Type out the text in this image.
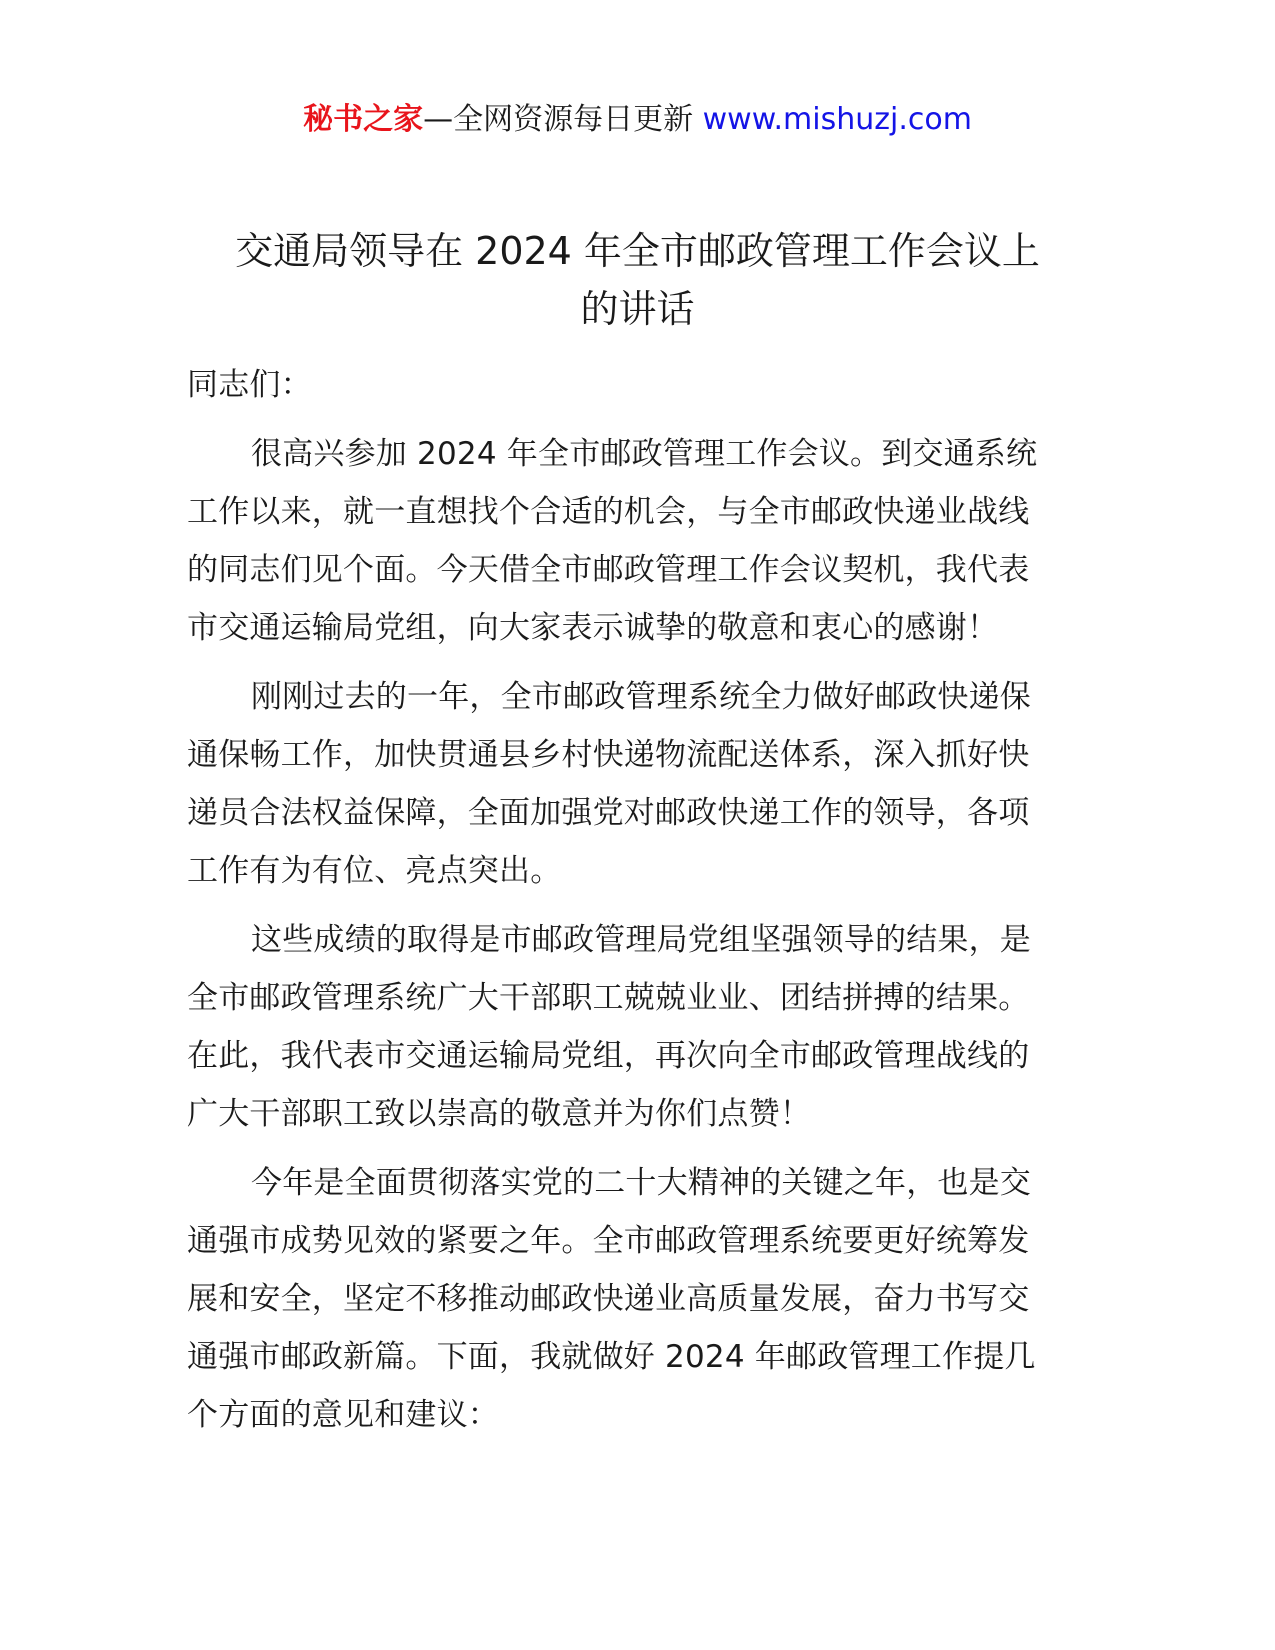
秘书之家—全网资源每日更新 www.mishuzj.com
交通局领导在 2024 年全市邮政管理工作会议上
的讲话

同志们：

很高兴参加 2024 年全市邮政管理工作会议。到交通系统
工作以来，就一直想找个合适的机会，与全市邮政快递业战线
的同志们见个面。今天借全市邮政管理工作会议契机，我代表
市交通运输局党组，向大家表示诚挚的敬意和衷心的感谢！

刚刚过去的一年，全市邮政管理系统全力做好邮政快递保
通保畅工作，加快贯通县乡村快递物流配送体系，深入抓好快
递员合法权益保障，全面加强党对邮政快递工作的领导，各项
工作有为有位、亮点突出。

这些成绩的取得是市邮政管理局党组坚强领导的结果，是
全市邮政管理系统广大干部职工兢兢业业、团结拼搏的结果。
在此，我代表市交通运输局党组，再次向全市邮政管理战线的
广大干部职工致以崇高的敬意并为你们点赞！

今年是全面贯彻落实党的二十大精神的关键之年，也是交
通强市成势见效的紧要之年。全市邮政管理系统要更好统筹发
展和安全，坚定不移推动邮政快递业高质量发展，奋力书写交
通强市邮政新篇。下面，我就做好 2024 年邮政管理工作提几
个方面的意见和建议：
